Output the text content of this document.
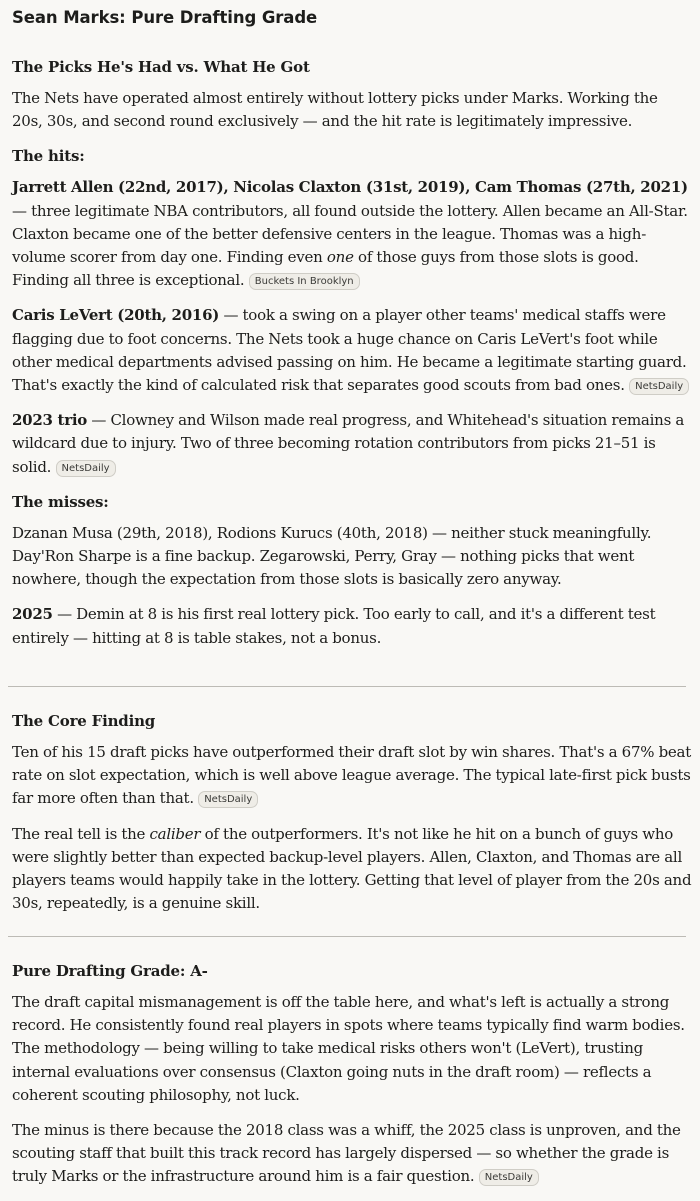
Sean Marks: Pure Drafting Grade
The Picks He's Had vs. What He Got

The Nets have operated almost entirely without lottery picks under Marks. Working the 20s, 30s, and second round exclusively — and the hit rate is legitimately impressive.

The hits:

Jarrett Allen (22nd, 2017), Nicolas Claxton (31st, 2019), Cam Thomas (27th, 2021) — three legitimate NBA contributors, all found outside the lottery. Allen became an All-Star. Claxton became one of the better defensive centers in the league. Thomas was a high-volume scorer from day one. Finding even one of those guys from those slots is good. Finding all three is exceptional. Buckets In Brooklyn

Caris LeVert (20th, 2016) — took a swing on a player other teams' medical staffs were flagging due to foot concerns. The Nets took a huge chance on Caris LeVert's foot while other medical departments advised passing on him. He became a legitimate starting guard. That's exactly the kind of calculated risk that separates good scouts from bad ones. NetsDaily

2023 trio — Clowney and Wilson made real progress, and Whitehead's situation remains a wildcard due to injury. Two of three becoming rotation contributors from picks 21–51 is solid. NetsDaily

The misses:

Dzanan Musa (29th, 2018), Rodions Kurucs (40th, 2018) — neither stuck meaningfully. Day'Ron Sharpe is a fine backup. Zegarowski, Perry, Gray — nothing picks that went nowhere, though the expectation from those slots is basically zero anyway.

2025 — Demin at 8 is his first real lottery pick. Too early to call, and it's a different test entirely — hitting at 8 is table stakes, not a bonus.

The Core Finding

Ten of his 15 draft picks have outperformed their draft slot by win shares. That's a 67% beat rate on slot expectation, which is well above league average. The typical late-first pick busts far more often than that. NetsDaily

The real tell is the caliber of the outperformers. It's not like he hit on a bunch of guys who were slightly better than expected backup-level players. Allen, Claxton, and Thomas are all players teams would happily take in the lottery. Getting that level of player from the 20s and 30s, repeatedly, is a genuine skill.

Pure Drafting Grade: A-

The draft capital mismanagement is off the table here, and what's left is actually a strong record. He consistently found real players in spots where teams typically find warm bodies. The methodology — being willing to take medical risks others won't (LeVert), trusting internal evaluations over consensus (Claxton going nuts in the draft room) — reflects a coherent scouting philosophy, not luck.

The minus is there because the 2018 class was a whiff, the 2025 class is unproven, and the scouting staff that built this track record has largely dispersed — so whether the grade is truly Marks or the infrastructure around him is a fair question. NetsDaily
